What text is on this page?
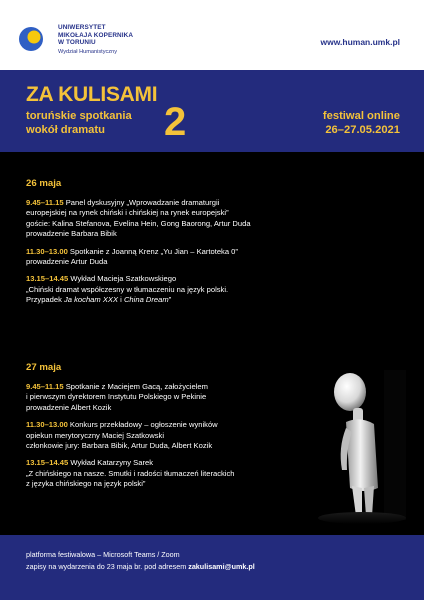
UNIWERSYTET
MIKOŁAJA KOPERNIKA
W TORUNIU
Wydział Humanistyczny
www.human.umk.pl
ZA KULISAMI
toruńskie spotkania
wokół dramatu	2	festiwal online
26–27.05.2021
26 maja
9.45–11.15 Panel dyskusyjny „Wprowadzanie dramaturgii
europejskiej na rynek chiński i chińskiej na rynek europejski”
goście: Kalina Stefanova, Evelina Hein, Gong Baorong, Artur Duda
prowadzenie Barbara Bibik
11.30–13.00 Spotkanie z Joanną Krenz „Yu Jian – Kartoteka 0”
prowadzenie Artur Duda
13.15–14.45 Wykład Macieja Szatkowskiego
„Chiński dramat współczesny w tłumaczeniu na język polski.
Przypadek Ja kocham XXX i China Dream”
27 maja
9.45–11.15 Spotkanie z Maciejem Gacą, założycielem
i pierwszym dyrektorem Instytutu Polskiego w Pekinie
prowadzenie Albert Kozik
11.30–13.00 Konkurs przekładowy – ogłoszenie wyników
opiekun merytoryczny Maciej Szatkowski
członkowie jury: Barbara Bibik, Artur Duda, Albert Kozik
13.15–14.45 Wykład Katarzyny Sarek
„Z chińskiego na nasze. Smutki i radości tłumaczeń literackich
z języka chińskiego na język polski”
platforma festiwalowa – Microsoft Teams / Zoom
zapisy na wydarzenia do 23 maja br. pod adresem zakulisami@umk.pl
